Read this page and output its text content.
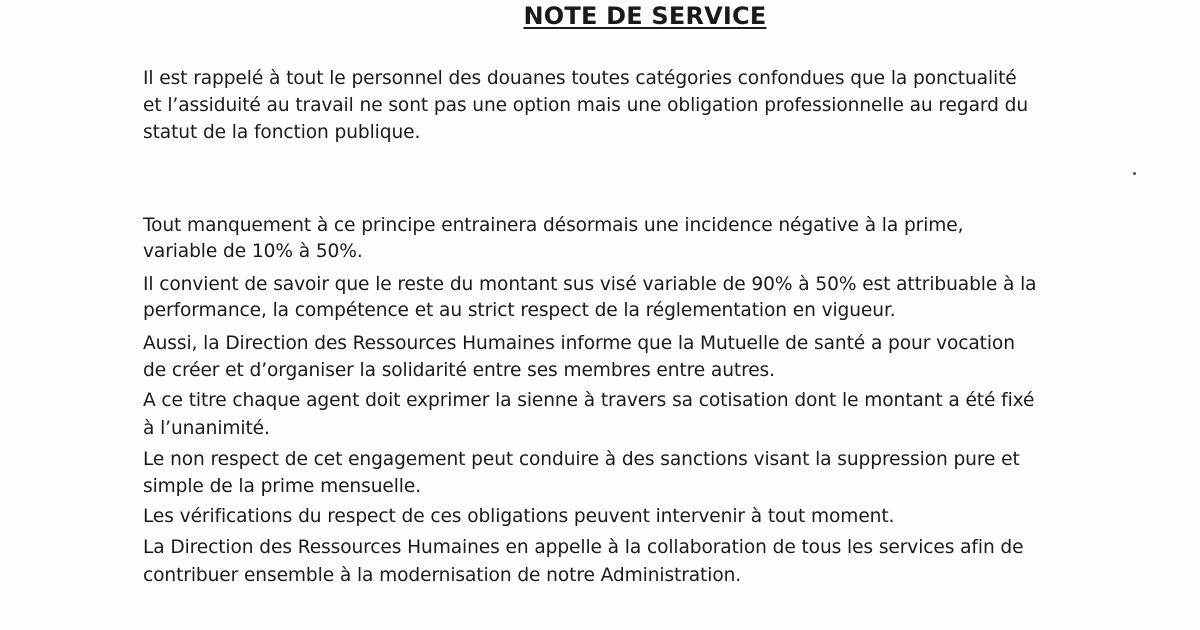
NOTE DE SERVICE
Il est rappelé à tout le personnel des douanes toutes catégories confondues que la ponctualité
et l’assiduité au travail ne sont pas une option mais une obligation professionnelle au regard du
statut de la fonction publique.
Tout manquement à ce principe entrainera désormais une incidence négative à la prime,
variable de 10% à 50%.
Il convient de savoir que le reste du montant sus visé variable de 90% à 50% est attribuable à la
performance, la compétence et au strict respect de la réglementation en vigueur.
Aussi, la Direction des Ressources Humaines informe que la Mutuelle de santé a pour vocation
de créer et d’organiser la solidarité entre ses membres entre autres.
A ce titre chaque agent doit exprimer la sienne à travers sa cotisation dont le montant a été fixé
à l’unanimité.
Le non respect de cet engagement peut conduire à des sanctions visant la suppression pure et
simple de la prime mensuelle.
Les vérifications du respect de ces obligations peuvent intervenir à tout moment.
La Direction des Ressources Humaines en appelle à la collaboration de tous les services afin de
contribuer ensemble à la modernisation de notre Administration.
